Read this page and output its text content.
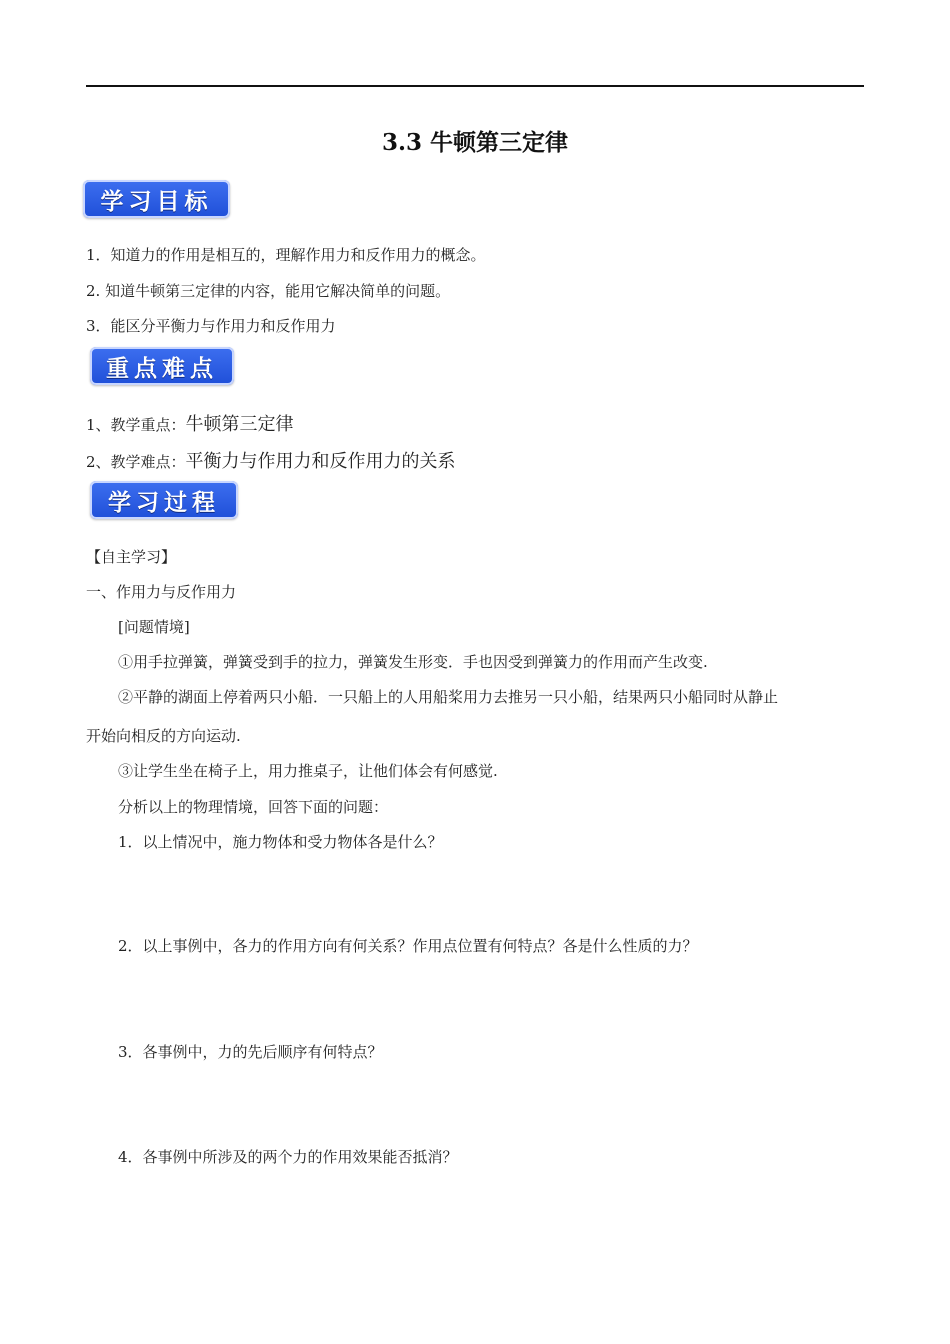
3.3 牛顿第三定律
学习目标
1．知道力的作用是相互的，理解作用力和反作用力的概念。
2. 知道牛顿第三定律的内容，能用它解决简单的问题。
3．能区分平衡力与作用力和反作用力
重点难点
1、教学重点：牛顿第三定律
2、教学难点：平衡力与作用力和反作用力的关系
学习过程
【自主学习】
一、作用力与反作用力
[问题情境]
①用手拉弹簧，弹簧受到手的拉力，弹簧发生形变．手也因受到弹簧力的作用而产生改变.
②平静的湖面上停着两只小船．一只船上的人用船桨用力去推另一只小船，结果两只小船同时从静止
开始向相反的方向运动.
③让学生坐在椅子上，用力推桌子，让他们体会有何感觉.
分析以上的物理情境，回答下面的问题：
1．以上情况中，施力物体和受力物体各是什么？
2．以上事例中，各力的作用方向有何关系？作用点位置有何特点？各是什么性质的力？
3．各事例中，力的先后顺序有何特点？
4．各事例中所涉及的两个力的作用效果能否抵消？
